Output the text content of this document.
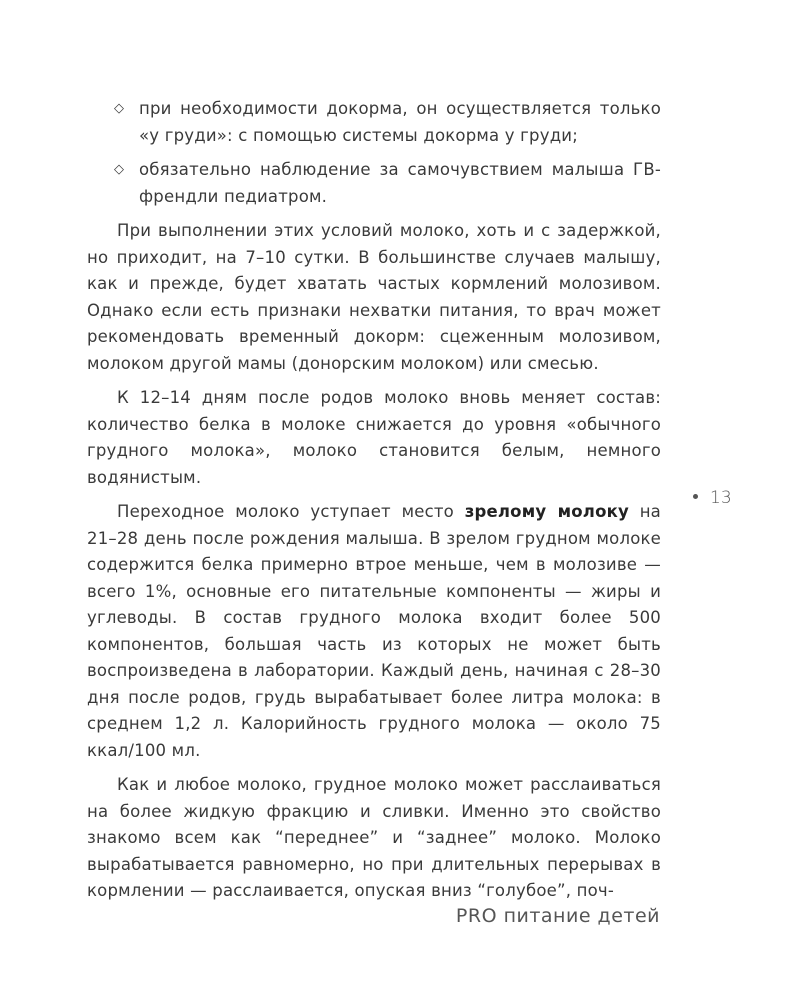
◇ при необходимости докорма, он осуществляется только «у груди»: с помощью системы докорма у груди;
◇ обязательно наблюдение за самочувствием малыша ГВ-френдли педиатром.

При выполнении этих условий молоко, хоть и с задержкой, но приходит, на 7–10 сутки. В большинстве случаев малышу, как и прежде, будет хватать частых кормлений молозивом. Однако если есть признаки нехватки питания, то врач может рекомендовать временный докорм: сцеженным молозивом, молоком другой мамы (донорским молоком) или смесью.

К 12–14 дням после родов молоко вновь меняет состав: количество белка в молоке снижается до уровня «обычного грудного молока», молоко становится белым, немного водянистым.

Переходное молоко уступает место зрелому молоку на 21–28 день после рождения малыша. В зрелом грудном молоке содержится белка примерно втрое меньше, чем в молозиве — всего 1%, основные его питательные компоненты — жиры и углеводы. В состав грудного молока входит более 500 компонентов, большая часть из которых не может быть воспроизведена в лаборатории. Каждый день, начиная с 28–30 дня после родов, грудь вырабатывает более литра молока: в среднем 1,2 л. Калорийность грудного молока — около 75 ккал/100 мл.

Как и любое молоко, грудное молоко может расслаиваться на более жидкую фракцию и сливки. Именно это свойство знакомо всем как “переднее” и “заднее” молоко. Молоко вырабатывается равномерно, но при длительных перерывах в кормлении — расслаивается, опуская вниз “голубое”, поч-

13
PRO питание детей
